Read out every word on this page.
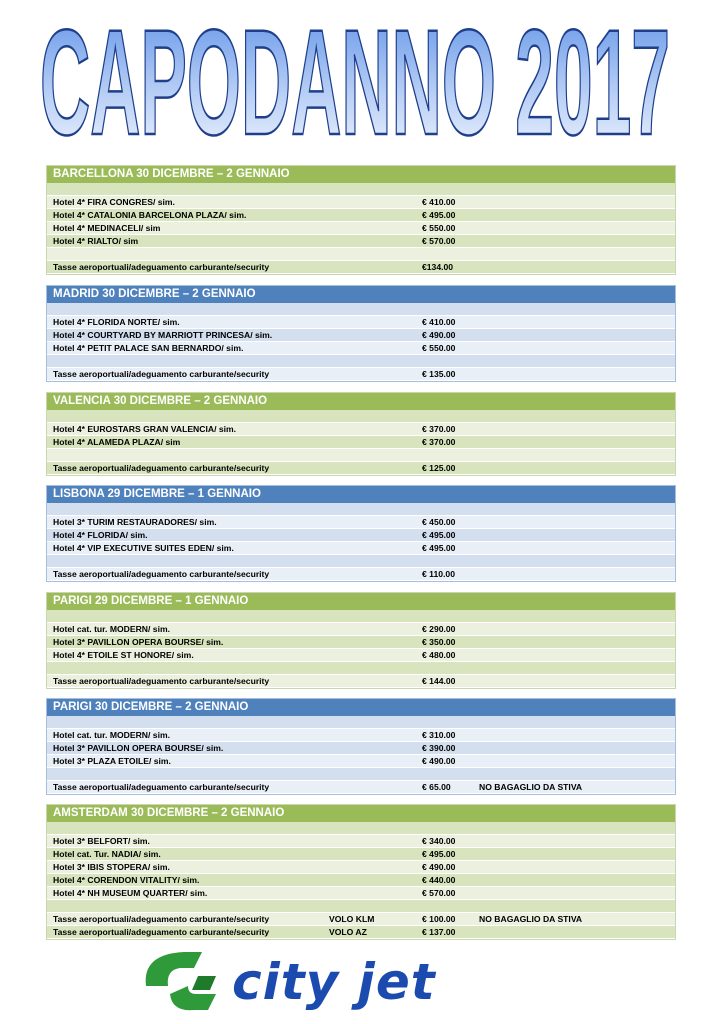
CAPODANNO 2017
BARCELLONA 30 DICEMBRE – 2 GENNAIO
Hotel 4* FIRA CONGRES/ sim.	€ 410.00
Hotel 4* CATALONIA BARCELONA PLAZA/ sim.	€ 495.00
Hotel 4* MEDINACELI/ sim	€ 550.00
Hotel 4* RIALTO/ sim	€ 570.00
Tasse aeroportuali/adeguamento carburante/security	€134.00
MADRID 30 DICEMBRE – 2 GENNAIO
Hotel 4* FLORIDA NORTE/ sim.	€ 410.00
Hotel 4* COURTYARD BY MARRIOTT PRINCESA/ sim.	€ 490.00
Hotel 4* PETIT PALACE SAN BERNARDO/ sim.	€ 550.00
Tasse aeroportuali/adeguamento carburante/security	€ 135.00
VALENCIA 30 DICEMBRE – 2 GENNAIO
Hotel 4* EUROSTARS GRAN VALENCIA/ sim.	€ 370.00
Hotel 4* ALAMEDA PLAZA/ sim	€ 370.00
Tasse aeroportuali/adeguamento carburante/security	€ 125.00
LISBONA 29 DICEMBRE – 1 GENNAIO
Hotel 3* TURIM RESTAURADORES/ sim.	€ 450.00
Hotel 4* FLORIDA/ sim.	€ 495.00
Hotel 4* VIP EXECUTIVE SUITES EDEN/ sim.	€ 495.00
Tasse aeroportuali/adeguamento carburante/security	€ 110.00
PARIGI 29 DICEMBRE – 1 GENNAIO
Hotel cat. tur. MODERN/ sim.	€ 290.00
Hotel 3* PAVILLON OPERA BOURSE/ sim.	€ 350.00
Hotel 4* ETOILE ST HONORE/ sim.	€ 480.00
Tasse aeroportuali/adeguamento carburante/security	€ 144.00
PARIGI 30 DICEMBRE – 2 GENNAIO
Hotel cat. tur. MODERN/ sim.	€ 310.00
Hotel 3* PAVILLON OPERA BOURSE/ sim.	€ 390.00
Hotel 3* PLAZA ETOILE/ sim.	€ 490.00
Tasse aeroportuali/adeguamento carburante/security	€ 65.00	NO BAGAGLIO DA STIVA
AMSTERDAM 30 DICEMBRE – 2 GENNAIO
Hotel 3* BELFORT/ sim.	€ 340.00
Hotel cat. Tur. NADIA/ sim.	€ 495.00
Hotel 3* IBIS STOPERA/ sim.	€ 490.00
Hotel 4* CORENDON VITALITY/ sim.	€ 440.00
Hotel 4* NH MUSEUM QUARTER/ sim.	€ 570.00
Tasse aeroportuali/adeguamento carburante/security	VOLO KLM	€ 100.00	NO BAGAGLIO DA STIVA
Tasse aeroportuali/adeguamento carburante/security	VOLO AZ	€ 137.00
city jet
